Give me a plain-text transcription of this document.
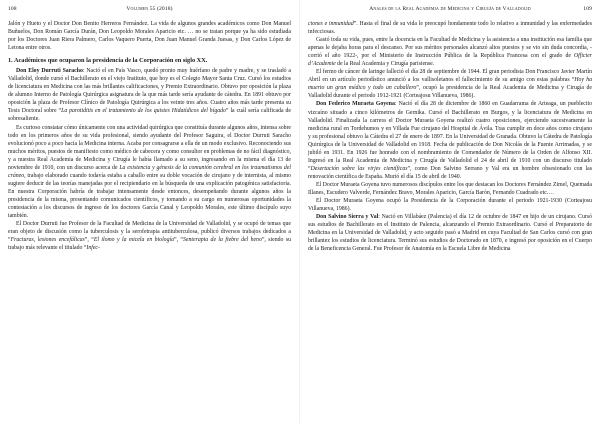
108	Volumen 55 (2018)

Jalón y Hueto y el Doctor Don Benito Herreros Fernández. La vida de algunos grandes académicos como Don Manuel Buñuelos, Don Román García Durán, Don Leopoldo Morales Aparicio etc. … no se tratan porque ya ha sido estudiada por los Doctores Juan Riera Palmero, Carlos Vaquero Puerta, Don Juan Manuel Granda Juesas, y Don Carlos López de Letona entre otros.

1. Académicos que ocuparon la presidencia de la Corporación en siglo XX.

Don Eloy Durruti Saracho: Nació el en País Vasco, quedó pronto muy huérfano de padre y madre, y se trasladó a Valladolid, donde cursó el Bachillerato en el viejo Instituto, que hoy es el Colegio Mayor Santa Cruz. Cursó los estudios de licenciatura en Medicina con las más brillantes calificaciones, y Premio Extraordinario. Obtuvo por oposición la plaza de alumno Interno de Patología Quirúrgica asignatura de la que más tarde sería ayudante de cátedra. En 1891 obtuvo por oposición la plaza de Profesor Clínico de Patología Quirúrgica a los veinte tres años. Cuatro años más tarde presenta su Tesis Doctoral sobre “La parotiditis en el tratamiento de los quistes Hidatídicos del hígado” la cuál sería calificada de sobresaliente.

Es curioso constatar cómo únicamente con una actividad quirúrgica que constituía durante algunos años, intensa sobre todo en los primeros años de su vida profesional, siendo ayudante del Profesor Saguira, el Doctor Durruti Saracho evolucionó poco a poco hacia la Medicina interna. Acaba por consagrarse a ella de un modo exclusivo. Reconociendo sus muchos méritos, puestos de manifiesto como médico de cabecera y como consultor en problemas de no fácil diagnóstico, y a nuestra Real Academia de Medicina y Cirugía le había llamado a su seno, ingresando en la misma el día 13 de noviembre de 1910, con un discurso acerca de La existencia y génesis de la comunión cerebral en los traumatismos del cráneo, trabajo elaborado cuando todavía estaba a caballo entre su doble vocación de cirujano y de internista, al mismo sugiere deducir de las teorías manejadas por el recipiendario en la búsqueda de una explicación patogénica satisfactoria. En nuestra Corporación habría de trabajar intensamente desde entonces, desempeñando durante algunos años la presidencia de la misma, presentando comunicados científicos, y tomando a su cargo en numerosas oportunidades la contestación a los discursos de ingreso de los doctores García Canal y Leopoldo Morales, este último discípulo suyo también.

El Doctor Durruti fue Profesor de la Facultad de Medicina de la Universidad de Valladolid, y se ocupó de temas que eran objeto de discusión como la tuberculosis y la serofetrapia antituberculosa, publicó diversos trabajos dedicados a “Fracturas, lesiones encefálicas”, “El ilomo y la micela en biología”, “Senterapia de la fiebre del heno”, siendo su trabajo más relevante el titulado “Infec-

Anales de la Real Academia de Medicina y Cirugía de Valladolid	109

ciones e inmunidad”. Hasta el final de su vida le preocupó hondamente todo lo relativo a inmunidad y las enfermedades infecciosas.

Gastó toda su vida, pues, entre la docencia en la Facultad de Medicina y la asistencia a una institución esa familia que apenas le dejaba horas para el descanso. Por sus méritos personales alcanzó altos puestos y se vio sin duda concordia, -corrió el año 1922-, por el Ministerio de Instrucción Pública de la República Francesa con el grado de Officier d’Academie de la Real Academia y Cirugía parisiense.

El fermo de cáncer de laringe falleció el día 28 de septiembre de 1944. El gran periodista Don Francisco Javier Martín Abril en un artículo periodístico anunció a los vallisoletanos el fallecimiento de su amigo con estas palabras “Hoy ha muerto un gran médico y todo un caballero”, ocupó la presidencia de la Real Academia de Medicina y Cirugía de Valladolid durante el periodo 1912-1921 (Corteajosu Villanueva, 1986).

Don Federico Muraeta Goyena: Nació el día 28 de diciembre de 1860 en Guadarrama de Arteaga, un pueblecito vizcaíno situado a cinco kilómetros de Gernika. Cursó el Bachillerato en Burgos, y la licenciatura de Medicina en Valladolid. Finalizada la carrera el Doctor Muraeta Goyena realizó cuatro oposiciones, ejerciendo sucesivamente la medicina rural en Tordehumos y en Villada Fue cirujano del Hospital de Ávila. Tras cumplir en doce años como cirujano y su profesional obtuvo la Cátedra el 27 de enero de 1897. En la Universidad de Granada. Obtuvo la Cátedra de Patología Quirúrgica de la Universidad de Valladolid en 1918. Fecha de publicación de Don Nicolás de la Fuente Arrimadas, y se jubiló en 1931. En 1926 fue honrado con el nombramiento de Comendador de Número de la Orden de Alfonso XII. Ingresó en la Real Academia de Medicina y Cirugía de Valladolid el 24 de abril de 1910 con un discurso titulado “Desertación sobre las virjes científicas”, como Don Salvino Serrano y Val era un hombre obsesionado con las renovación científica de España. Murió el día 15 de abril de 1940.

El Doctor Muraeta Goyena tuvo numerosos discípulos entre los que destacan los Doctores Fernández Zimel, Quemada Illanes, Escudero Valverde, Fernández Bravo, Morales Aparicio, García Barón, Fernando Cuadrado etc.…

El Doctor Muraeta Goyena ocupó la Presidencia de la Corporación durante el periodo 1921-1930 (Corteajosu Villanueva, 1986).

Don Salvino Sierra y Val: Nació en Villabáez (Palencia) el día 12 de octubre de 1847 en hijo de un cirujano. Cursó sus estudios de Bachillerato en el Instituto de Palencia, alcanzando el Premio Extraordinario. Cursó el Preparatorio de Medicina en la Universidad de Valladolid, y acto seguido pasó a Madrid en cuya Facultad de San Carlos cursó con gran brillantez los estudios de licenciatura. Terminó sus estudios de Doctorado en 1870, e ingresó por oposición en el Cuerpo de la Beneficencia General. Fue Profesor de Anatomía en la Escuela Libre de Medicina
